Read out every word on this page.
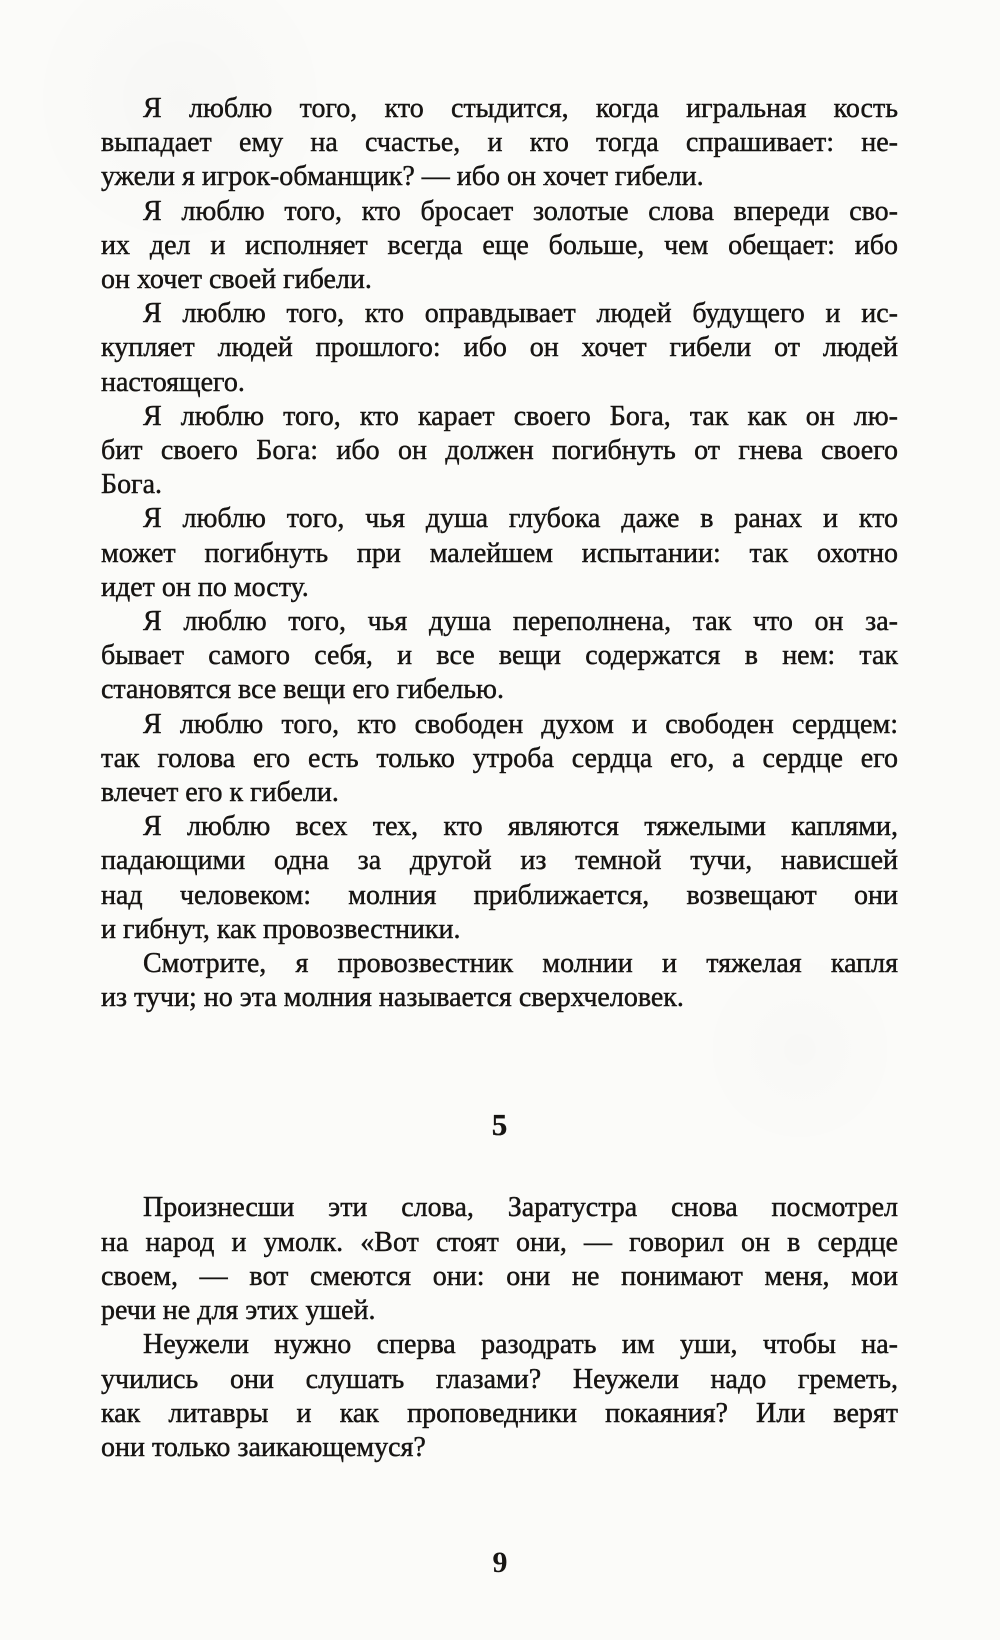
Я люблю того, кто стыдится, когда игральная кость
выпадает ему на счастье, и кто тогда спрашивает: не-
ужели я игрок-обманщик? — ибо он хочет гибели.
Я люблю того, кто бросает золотые слова впереди сво-
их дел и исполняет всегда еще больше, чем обещает: ибо
он хочет своей гибели.
Я люблю того, кто оправдывает людей будущего и ис-
купляет людей прошлого: ибо он хочет гибели от людей
настоящего.
Я люблю того, кто карает своего Бога, так как он лю-
бит своего Бога: ибо он должен погибнуть от гнева своего
Бога.
Я люблю того, чья душа глубока даже в ранах и кто
может погибнуть при малейшем испытании: так охотно
идет он по мосту.
Я люблю того, чья душа переполнена, так что он за-
бывает самого себя, и все вещи содержатся в нем: так
становятся все вещи его гибелью.
Я люблю того, кто свободен духом и свободен сердцем:
так голова его есть только утроба сердца его, а сердце его
влечет его к гибели.
Я люблю всех тех, кто являются тяжелыми каплями,
падающими одна за другой из темной тучи, нависшей
над человеком: молния приближается, возвещают они
и гибнут, как провозвестники.
Смотрите, я провозвестник молнии и тяжелая капля
из тучи; но эта молния называется сверхчеловек.
5
Произнесши эти слова, Заратустра снова посмотрел
на народ и умолк. «Вот стоят они, — говорил он в сердце
своем, — вот смеются они: они не понимают меня, мои
речи не для этих ушей.
Неужели нужно сперва разодрать им уши, чтобы на-
учились они слушать глазами? Неужели надо греметь,
как литавры и как проповедники покаяния? Или верят
они только заикающемуся?
9
